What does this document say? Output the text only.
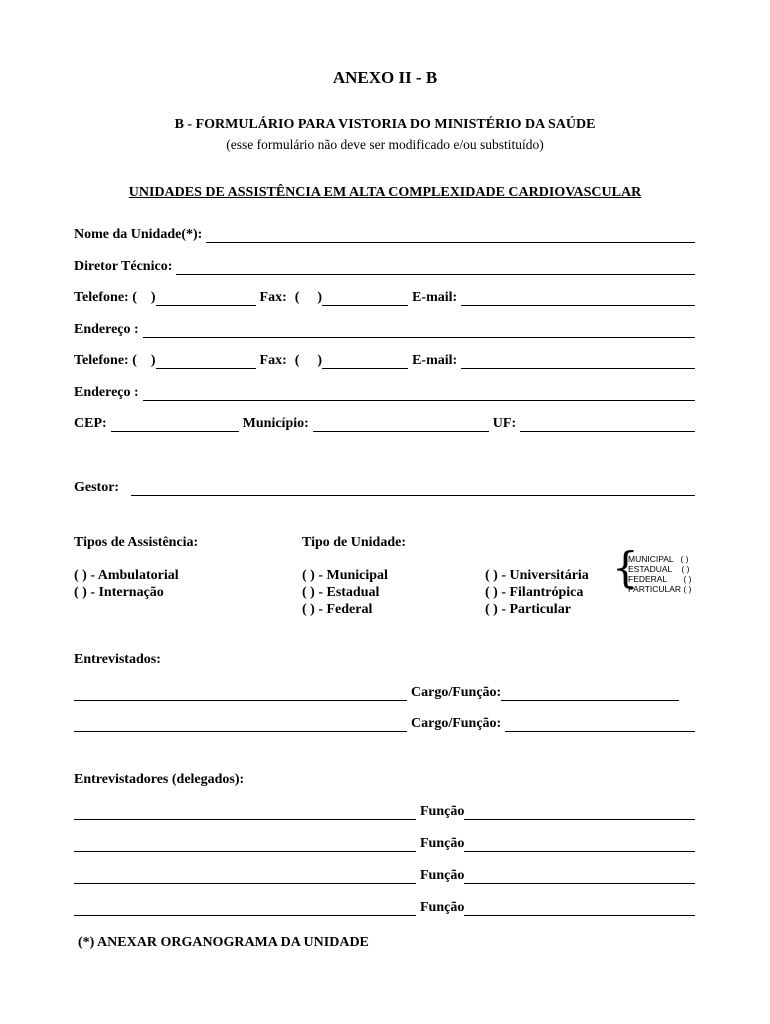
ANEXO II - B
B - FORMULÁRIO PARA VISTORIA DO MINISTÉRIO DA SAÚDE
(esse formulário não deve ser modificado e/ou substituído)
UNIDADES DE ASSISTÊNCIA EM ALTA COMPLEXIDADE CARDIOVASCULAR
Nome da Unidade(*):
Diretor Técnico:
Telefone: ( )	Fax: ( )	E-mail:
Endereço :
Telefone: ( )	Fax: ( )	E-mail:
Endereço :
CEP:	Município:	UF:
Gestor:
Tipos de Assistência:
( ) - Ambulatorial
( ) - Internação
Tipo de Unidade:
( ) - Municipal
( ) - Estadual
( ) - Federal
( ) - Universitária
( ) - Filantrópica
( ) - Particular
{
MUNICIPAL   ( )
ESTADUAL    ( )
FEDERAL       ( )
PARTICULAR ( )
Entrevistados:
Cargo/Função:
Cargo/Função:
Entrevistadores (delegados):
Função
Função
Função
Função
(*) ANEXAR ORGANOGRAMA DA UNIDADE
